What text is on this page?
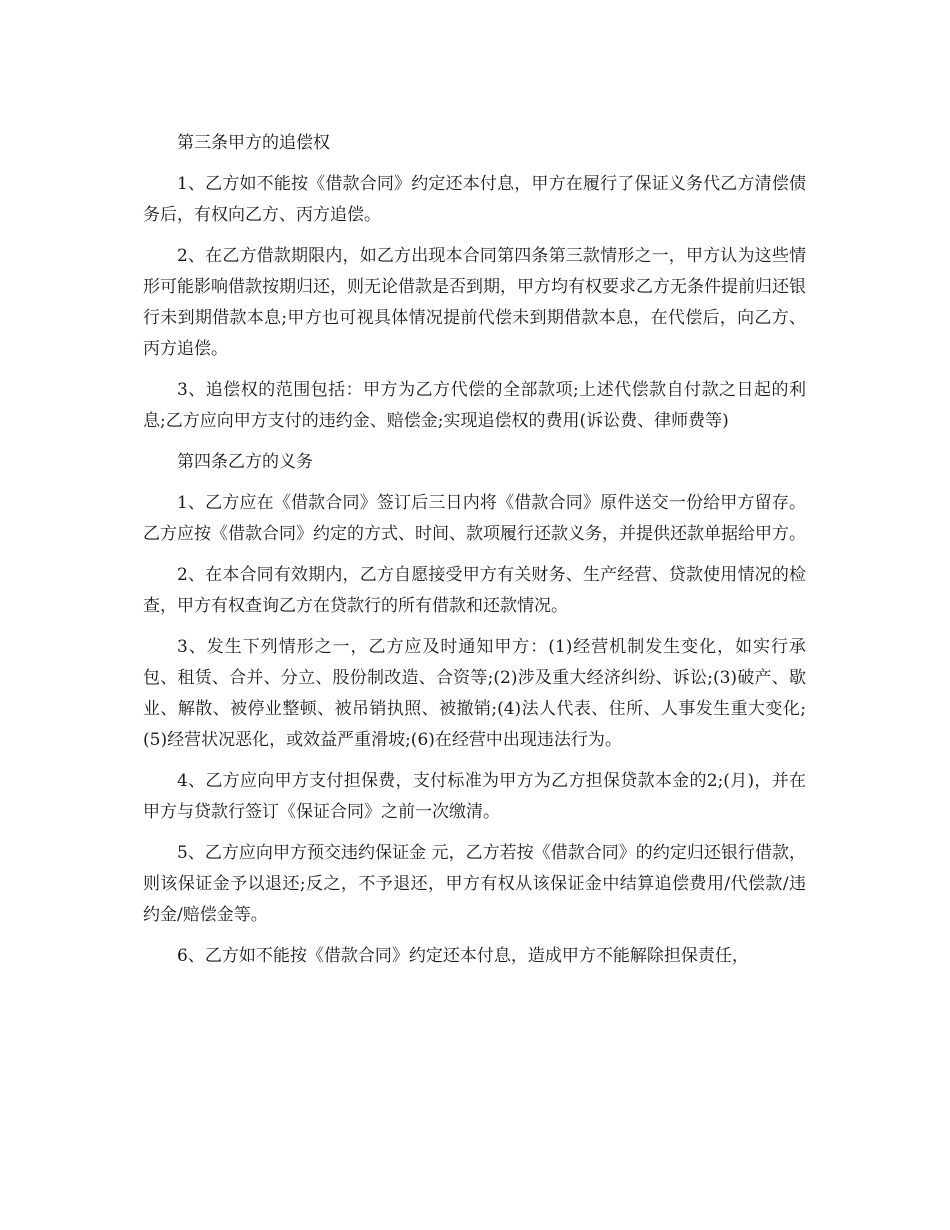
第三条甲方的追偿权

1、乙方如不能按《借款合同》约定还本付息，甲方在履行了保证义务代乙方清偿债务后，有权向乙方、丙方追偿。

2、在乙方借款期限内，如乙方出现本合同第四条第三款情形之一，甲方认为这些情形可能影响借款按期归还，则无论借款是否到期，甲方均有权要求乙方无条件提前归还银行未到期借款本息;甲方也可视具体情况提前代偿未到期借款本息，在代偿后，向乙方、丙方追偿。

3、追偿权的范围包括：甲方为乙方代偿的全部款项;上述代偿款自付款之日起的利息;乙方应向甲方支付的违约金、赔偿金;实现追偿权的费用(诉讼费、律师费等)

第四条乙方的义务

1、乙方应在《借款合同》签订后三日内将《借款合同》原件送交一份给甲方留存。乙方应按《借款合同》约定的方式、时间、款项履行还款义务，并提供还款单据给甲方。

2、在本合同有效期内，乙方自愿接受甲方有关财务、生产经营、贷款使用情况的检查，甲方有权查询乙方在贷款行的所有借款和还款情况。

3、发生下列情形之一，乙方应及时通知甲方：(1)经营机制发生变化，如实行承包、租赁、合并、分立、股份制改造、合资等;(2)涉及重大经济纠纷、诉讼;(3)破产、歇业、解散、被停业整顿、被吊销执照、被撤销;(4)法人代表、住所、人事发生重大变化;(5)经营状况恶化，或效益严重滑坡;(6)在经营中出现违法行为。

4、乙方应向甲方支付担保费，支付标准为甲方为乙方担保贷款本金的2;(月)，并在甲方与贷款行签订《保证合同》之前一次缴清。

5、乙方应向甲方预交违约保证金 元，乙方若按《借款合同》的约定归还银行借款，则该保证金予以退还;反之，不予退还，甲方有权从该保证金中结算追偿费用/代偿款/违约金/赔偿金等。

6、乙方如不能按《借款合同》约定还本付息，造成甲方不能解除担保责任，
